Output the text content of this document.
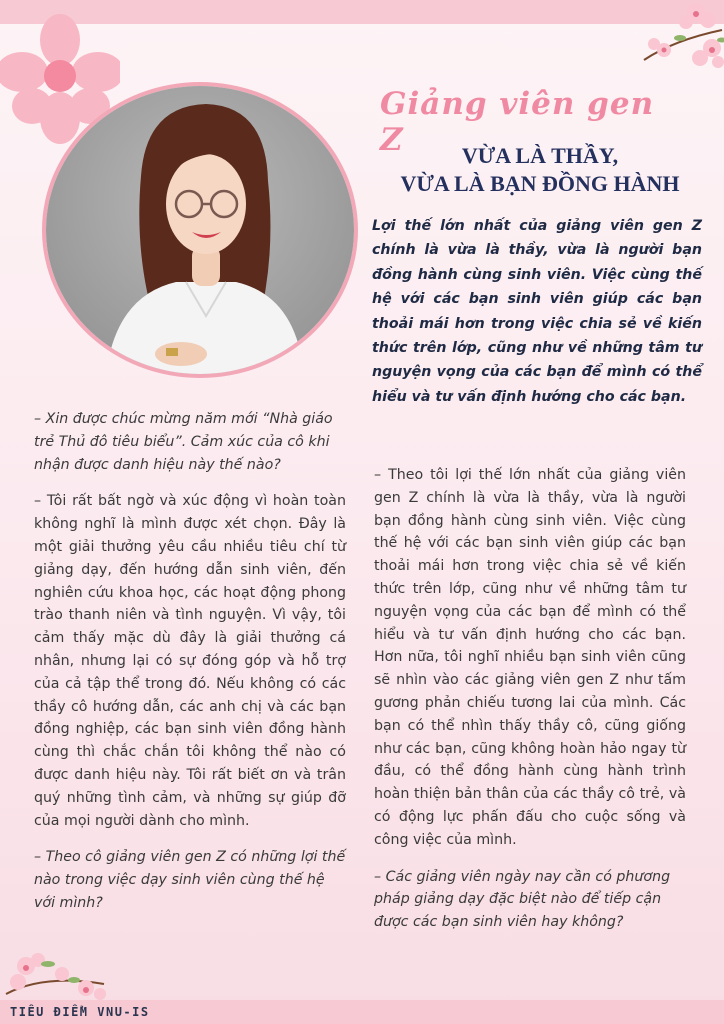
Giảng viên gen Z	VỪA LÀ THẦY,
VỪA LÀ BẠN ĐỒNG HÀNH
Lợi thế lớn nhất của giảng viên gen Z chính là vừa là thầy, vừa là người bạn đồng hành cùng sinh viên. Việc cùng thế hệ với các bạn sinh viên giúp các bạn thoải mái hơn trong việc chia sẻ về kiến thức trên lớp, cũng như về những tâm tư nguyện vọng của các bạn để mình có thể hiểu và tư vấn định hướng cho các bạn.

– Xin được chúc mừng năm mới “Nhà giáo trẻ Thủ đô tiêu biểu”. Cảm xúc của cô khi nhận được danh hiệu này thế nào?

– Tôi rất bất ngờ và xúc động vì hoàn toàn không nghĩ là mình được xét chọn. Đây là một giải thưởng yêu cầu nhiều tiêu chí từ giảng dạy, đến hướng dẫn sinh viên, đến nghiên cứu khoa học, các hoạt động phong trào thanh niên và tình nguyện. Vì vậy, tôi cảm thấy mặc dù đây là giải thưởng cá nhân, nhưng lại có sự đóng góp và hỗ trợ của cả tập thể trong đó. Nếu không có các thầy cô hướng dẫn, các anh chị và các bạn đồng nghiệp, các bạn sinh viên đồng hành cùng thì chắc chắn tôi không thể nào có được danh hiệu này. Tôi rất biết ơn và trân quý những tình cảm, và những sự giúp đỡ của mọi người dành cho mình.

– Theo cô giảng viên gen Z có những lợi thế nào trong việc dạy sinh viên cùng thế hệ với mình?

– Theo tôi lợi thế lớn nhất của giảng viên gen Z chính là vừa là thầy, vừa là người bạn đồng hành cùng sinh viên. Việc cùng thế hệ với các bạn sinh viên giúp các bạn thoải mái hơn trong việc chia sẻ về kiến thức trên lớp, cũng như về những tâm tư nguyện vọng của các bạn để mình có thể hiểu và tư vấn định hướng cho các bạn. Hơn nữa, tôi nghĩ nhiều bạn sinh viên cũng sẽ nhìn vào các giảng viên gen Z như tấm gương phản chiếu tương lai của mình. Các bạn có thể nhìn thấy thầy cô, cũng giống như các bạn, cũng không hoàn hảo ngay từ đầu, có thể đồng hành cùng hành trình hoàn thiện bản thân của các thầy cô trẻ, và có động lực phấn đấu cho cuộc sống và công việc của mình.

– Các giảng viên ngày nay cần có phương pháp giảng dạy đặc biệt nào để tiếp cận được các bạn sinh viên hay không?

TIÊU ĐIỂM VNU-IS
